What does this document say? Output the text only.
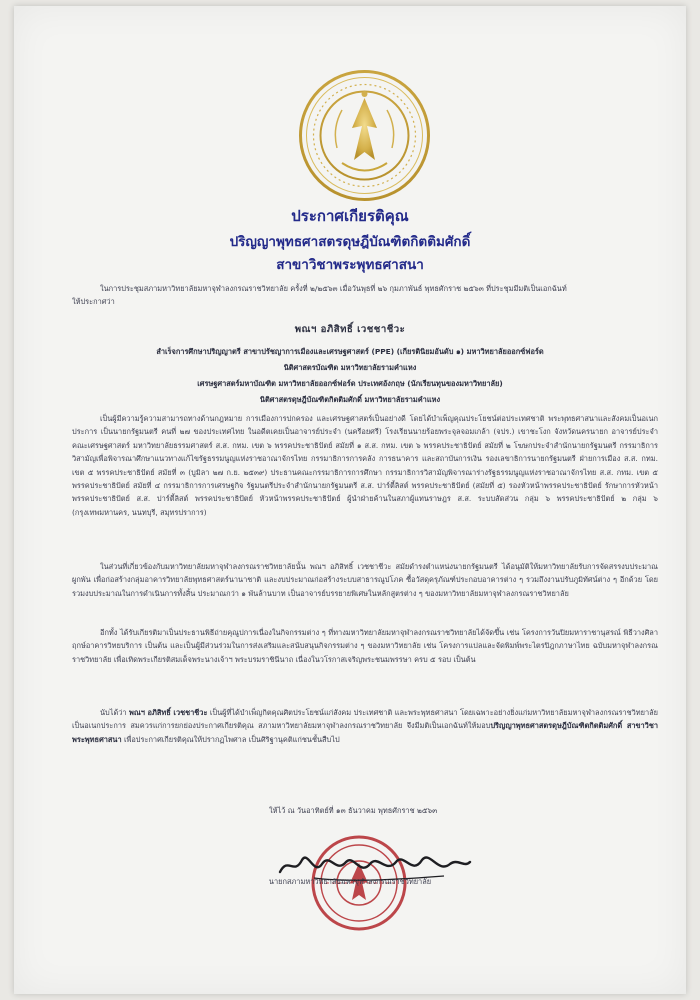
ประกาศเกียรติคุณ
ปริญญาพุทธศาสตรดุษฎีบัณฑิตกิตติมศักดิ์
สาขาวิชาพระพุทธศาสนา
ในการประชุมสภามหาวิทยาลัยมหาจุฬาลงกรณราชวิทยาลัย ครั้งที่ ๒/๒๕๖๓ เมื่อวันพุธที่ ๒๖ กุมภาพันธ์ พุทธศักราช ๒๕๖๓ ที่ประชุมมีมติเป็นเอกฉันท์
ให้ประกาศว่า
พณฯ อภิสิทธิ์ เวชชาชีวะ
สำเร็จการศึกษาปริญญาตรี สาขาปรัชญาการเมืองและเศรษฐศาสตร์ (PPE) (เกียรตินิยมอันดับ ๑) มหาวิทยาลัยออกซ์ฟอร์ด
นิติศาสตรบัณฑิต มหาวิทยาลัยรามคำแหง
เศรษฐศาสตร์มหาบัณฑิต มหาวิทยาลัยออกซ์ฟอร์ด ประเทศอังกฤษ (นักเรียนทุนของมหาวิทยาลัย)
นิติศาสตรดุษฎีบัณฑิตกิตติมศักดิ์ มหาวิทยาลัยรามคำแหง
เป็นผู้มีความรู้ความสามารถทางด้านกฎหมาย การเมืองการปกครอง และเศรษฐศาสตร์เป็นอย่างดี โดยได้บำเพ็ญคุณประโยชน์ต่อประเทศชาติ พระพุทธศาสนาและสังคมเป็นอเนกประการ เป็นนายกรัฐมนตรี คนที่ ๒๗ ของประเทศไทย ในอดีตเคยเป็นอาจารย์ประจำ (นครีอยศรี) โรงเรียนนายร้อยพระจุลจอมเกล้า (จปร.) เขาชะโงก จังหวัดนครนายก อาจารย์ประจำคณะเศรษฐศาสตร์ มหาวิทยาลัยธรรมศาสตร์ ส.ส. กทม. เขต ๖ พรรคประชาธิปัตย์ สมัยที่ ๑ ส.ส. กทม. เขต ๖ พรรคประชาธิปัตย์ สมัยที่ ๒ โฆษกประจำสำนักนายกรัฐมนตรี กรรมาธิการวิสามัญเพื่อพิจารณาศึกษาแนวทางแก้ไขรัฐธรรมนูญแห่งราชอาณาจักรไทย กรรมาธิการการคลัง การธนาคาร และสถาบันการเงิน รองเลขาธิการนายกรัฐมนตรี ฝ่ายการเมือง ส.ส. กทม. เขต ๕ พรรคประชาธิปัตย์ สมัยที่ ๓ (บูมิลา ๒๗ ก.ย. ๒๕๓๙) ประธานคณะกรรมาธิการการศึกษา กรรมาธิการวิสามัญพิจารณาร่างรัฐธรรมนูญแห่งราชอาณาจักรไทย ส.ส. กทม. เขต ๕ พรรคประชาธิปัตย์ สมัยที่ ๔ กรรมาธิการการเศรษฐกิจ รัฐมนตรีประจำสำนักนายกรัฐมนตรี ส.ส. ปาร์ตี้ลิสต์ พรรคประชาธิปัตย์ (สมัยที่ ๕) รองหัวหน้าพรรคประชาธิปัตย์ รักษาการหัวหน้าพรรคประชาธิปัตย์ ส.ส. ปาร์ตี้ลิสต์ พรรคประชาธิปัตย์ หัวหน้าพรรคประชาธิปัตย์ ผู้นำฝ่ายค้านในสภาผู้แทนราษฎร ส.ส. ระบบสัดส่วน กลุ่ม ๖ พรรคประชาธิปัตย์ ๒ กลุ่ม ๖ (กรุงเทพมหานคร, นนทบุรี, สมุทรปราการ)
ในส่วนที่เกี่ยวข้องกับมหาวิทยาลัยมหาจุฬาลงกรณราชวิทยาลัยนั้น พณฯ อภิสิทธิ์ เวชชาชีวะ สมัยดำรงตำแหน่งนายกรัฐมนตรี ได้อนุมัติให้มหาวิทยาลัยรับการจัดสรรงบประมาณผูกพัน เพื่อก่อสร้างกลุ่มอาคารวิทยาลัยพุทธศาสตร์นานาชาติ และงบประมาณก่อสร้างระบบสาธารณูปโภค ซื้อวัสดุครุภัณฑ์ประกอบอาคารต่าง ๆ รวมถึงงานปรับภูมิทัศน์ต่าง ๆ อีกด้วย โดยรวมงบประมาณในการดำเนินการทั้งสิ้น ประมาณกว่า ๑ พันล้านบาท เป็นอาจารย์บรรยายพิเศษในหลักสูตรต่าง ๆ ของมหาวิทยาลัยมหาจุฬาลงกรณราชวิทยาลัย
อีกทั้ง ได้รับเกียรติมาเป็นประธานพิธีถ่ายคุณูปการเนื่องในกิจกรรมต่าง ๆ ที่ทางมหาวิทยาลัยมหาจุฬาลงกรณราชวิทยาลัยได้จัดขึ้น เช่น โครงการวันปิยมหาราชานุสรณ์ พิธีวางศิลาฤกษ์อาคารวิทยบริการ เป็นต้น และเป็นผู้มีส่วนร่วมในการส่งเสริมและสนับสนุนกิจกรรมต่าง ๆ ของมหาวิทยาลัย เช่น โครงการแปลและจัดพิมพ์พระไตรปิฎกภาษาไทย ฉบับมหาจุฬาลงกรณราชวิทยาลัย เพื่อเทิดพระเกียรติสมเด็จพระนางเจ้าฯ พระบรมราชินีนาถ เนื่องในวโรกาสเจริญพระชนมพรรษา ครบ ๕ รอบ เป็นต้น
นับได้ว่า พณฯ อภิสิทธิ์ เวชชาชีวะ เป็นผู้ที่ได้บำเพ็ญกิตคุณศิตประโยชน์แก่สังคม ประเทศชาติ และพระพุทธศาสนา โดยเฉพาะอย่างยิ่งแก่มหาวิทยาลัยมหาจุฬาลงกรณราชวิทยาลัย เป็นอเนกประการ สมควรแก่การยกย่องประกาศเกียรติคุณ สภามหาวิทยาลัยมหาจุฬาลงกรณราชวิทยาลัย จึงมีมติเป็นเอกฉันท์ให้มอบปริญญาพุทธศาสตรดุษฎีบัณฑิตกิตติมศักดิ์ สาขาวิชาพระพุทธศาสนา เพื่อประกาศเกียรติคุณให้ปรากฏไพศาล เป็นศิริฐานุคติแก่ชนชั้นสืบไป
ให้ไว้ ณ วันอาทิตย์ที่ ๑๓ ธันวาคม พุทธศักราช ๒๕๖๓
นายกสภามหาวิทยาลัยมหาจุฬาลงกรณราชวิทยาลัย
